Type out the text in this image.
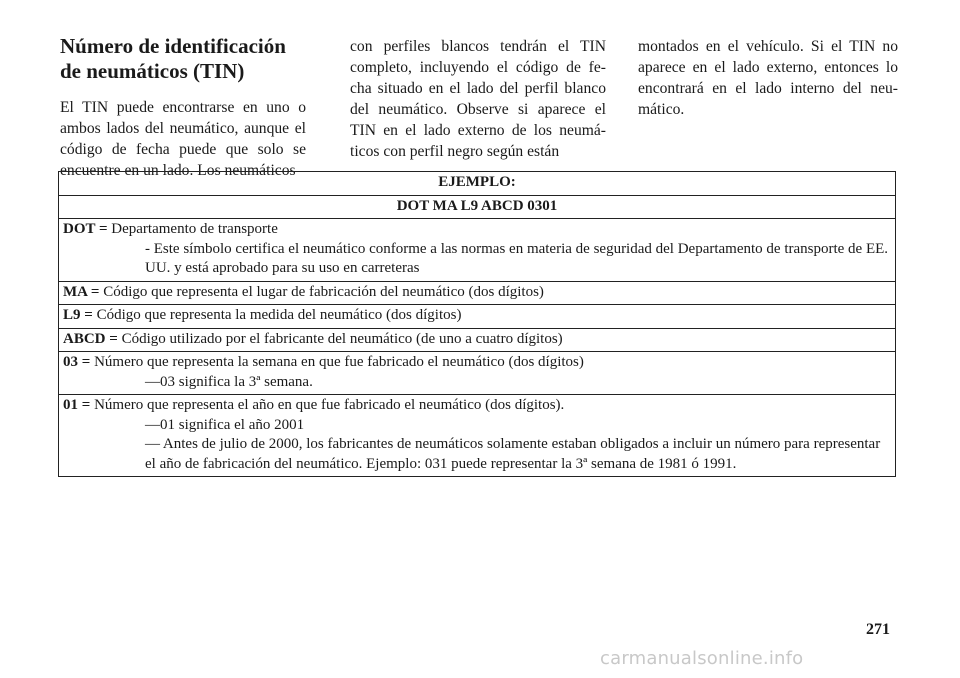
Número de identificación de neumáticos (TIN)

El TIN puede encontrarse en uno o ambos lados del neumático, aunque el código de fecha puede que solo se encuentre en un lado. Los neumáticos

con perfiles blancos tendrán el TIN completo, incluyendo el código de fe-cha situado en el lado del perfil blanco del neumático. Observe si aparece el TIN en el lado externo de los neumá-ticos con perfil negro según están

montados en el vehículo. Si el TIN no aparece en el lado externo, entonces lo encontrará en el lado interno del neu-mático.

EJEMPLO:
DOT MA L9 ABCD 0301
DOT = Departamento de transporte
- Este símbolo certifica el neumático conforme a las normas en materia de seguridad del Departamento de transporte de EE. UU. y está aprobado para su uso en carreteras

MA = Código que representa el lugar de fabricación del neumático (dos dígitos)
L9 = Código que representa la medida del neumático (dos dígitos)
ABCD = Código utilizado por el fabricante del neumático (de uno a cuatro dígitos)
03 = Número que representa la semana en que fue fabricado el neumático (dos dígitos)
—03 significa la 3ª semana.

01 = Número que representa el año en que fue fabricado el neumático (dos dígitos).
—01 significa el año 2001
— Antes de julio de 2000, los fabricantes de neumáticos solamente estaban obligados a incluir un número para representar el año de fabricación del neumático. Ejemplo: 031 puede representar la 3ª semana de 1981 ó 1991.
271
carmanualsonline.info
